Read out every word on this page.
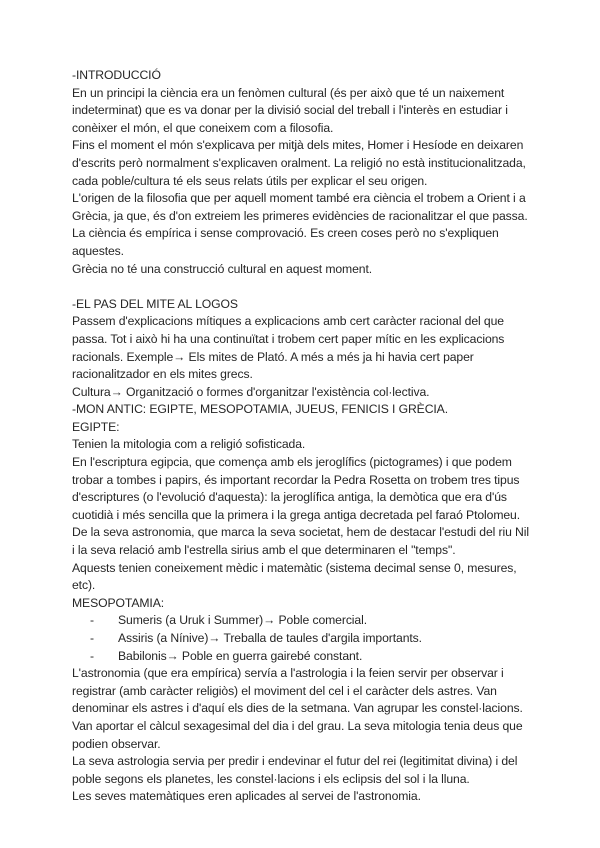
-INTRODUCCIÓ

En un principi la ciència era un fenòmen cultural (és per això que té un naixement indeterminat) que es va donar per la divisió social del treball i l'interès en estudiar i conèixer el món, el que coneixem com a filosofia.

Fins el moment el món s'explicava per mitjà dels mites, Homer i Hesíode en deixaren d'escrits però normalment s'explicaven oralment. La religió no està institucionalitzada, cada poble/cultura té els seus relats útils per explicar el seu origen.

L'origen de la filosofia que per aquell moment també era ciència el trobem a Orient i a Grècia, ja que, és d'on extreiem les primeres evidències de racionalitzar el que passa.

La ciència és empírica i sense comprovació. Es creen coses però no s'expliquen aquestes.

Grècia no té una construcció cultural en aquest moment.

-EL PAS DEL MITE AL LOGOS

Passem d'explicacions mítiques a explicacions amb cert caràcter racional del que passa. Tot i això hi ha una continuïtat i trobem cert paper mític en les explicacions racionals. Exemple→ Els mites de Plató. A més a més ja hi havia cert paper racionalitzador en els mites grecs.

Cultura→ Organització o formes d'organitzar l'existència col·lectiva.

-MON ANTIC: EGIPTE, MESOPOTAMIA, JUEUS, FENICIS I GRÈCIA.

EGIPTE:

Tenien la mitologia com a religió sofisticada.

En l'escriptura egipcia, que comença amb els jeroglífics (pictogrames) i que podem trobar a tombes i papirs, és important recordar la Pedra Rosetta on trobem tres tipus d'escriptures (o l'evolució d'aquesta): la jeroglífica antiga, la demòtica que era d'ús cuotidià i més sencilla que la primera i la grega antiga decretada pel faraó Ptolomeu.

De la seva astronomia, que marca la seva societat, hem de destacar l'estudi del riu Nil i la seva relació amb l'estrella sirius amb el que determinaren el "temps".

Aquests tenien coneixement mèdic i matemàtic (sistema decimal sense 0, mesures, etc).

MESOPOTAMIA:

- Sumeris (a Uruk i Summer)→ Poble comercial.
- Assiris (a Nínive)→ Treballa de taules d'argila importants.
- Babilonis→ Poble en guerra gairebé constant.

L'astronomia (que era empírica) servía a l'astrologia i la feien servir per observar i registrar (amb caràcter religiòs) el moviment del cel i el caràcter dels astres. Van denominar els astres i d'aquí els dies de la setmana. Van agrupar les constel·lacions. Van aportar el càlcul sexagesimal del dia i del grau. La seva mitologia tenia deus que podien observar.

La seva astrologia servia per predir i endevinar el futur del rei (legitimitat divina) i del poble segons els planetes, les constel·lacions i els eclipsis del sol i la lluna.

Les seves matemàtiques eren aplicades al servei de l'astronomia.
